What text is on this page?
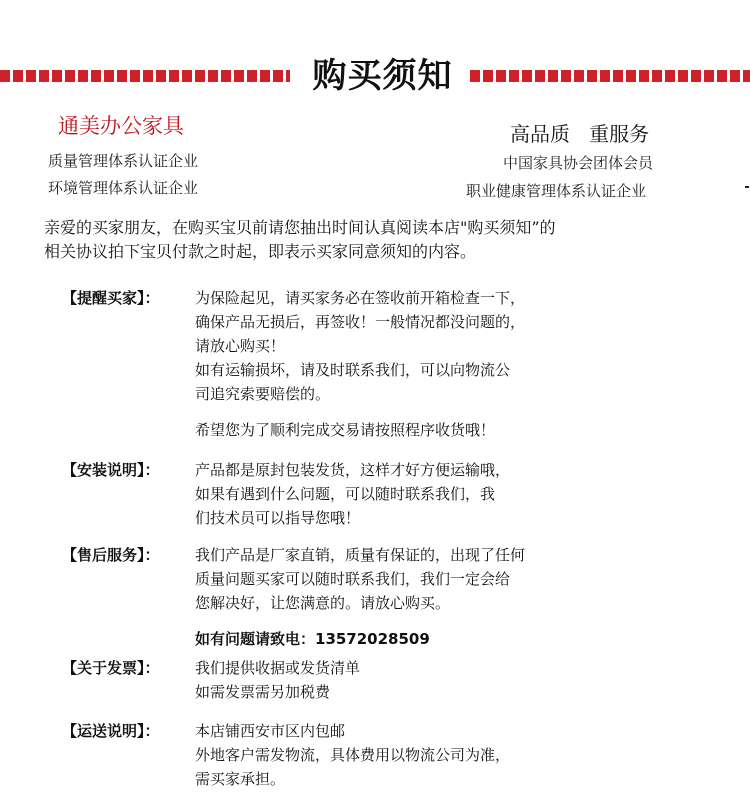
购买须知
通美办公家具	高品质   重服务
质量管理体系认证企业
环境管理体系认证企业
中国家具协会团体会员
职业健康管理体系认证企业
亲爱的买家朋友，在购买宝贝前请您抽出时间认真阅读本店"购买须知”的
相关协议拍下宝贝付款之时起，即表示买家同意须知的内容。
【提醒买家】： 为保险起见，请买家务必在签收前开箱检查一下，
确保产品无损后，再签收！一般情况都没问题的，
请放心购买！
如有运输损坏，请及时联系我们，可以向物流公
司追究索要赔偿的。
希望您为了顺利完成交易请按照程序收货哦！
【安装说明】： 产品都是原封包装发货，这样才好方便运输哦，
如果有遇到什么问题，可以随时联系我们，我
们技术员可以指导您哦！
【售后服务】： 我们产品是厂家直销，质量有保证的，出现了任何
质量问题买家可以随时联系我们，我们一定会给
您解决好，让您满意的。请放心购买。
如有问题请致电：13572028509
【关于发票】： 我们提供收据或发货清单
如需发票需另加税费
【运送说明】： 本店铺西安市区内包邮
外地客户需发物流，具体费用以物流公司为准，
需买家承担。
